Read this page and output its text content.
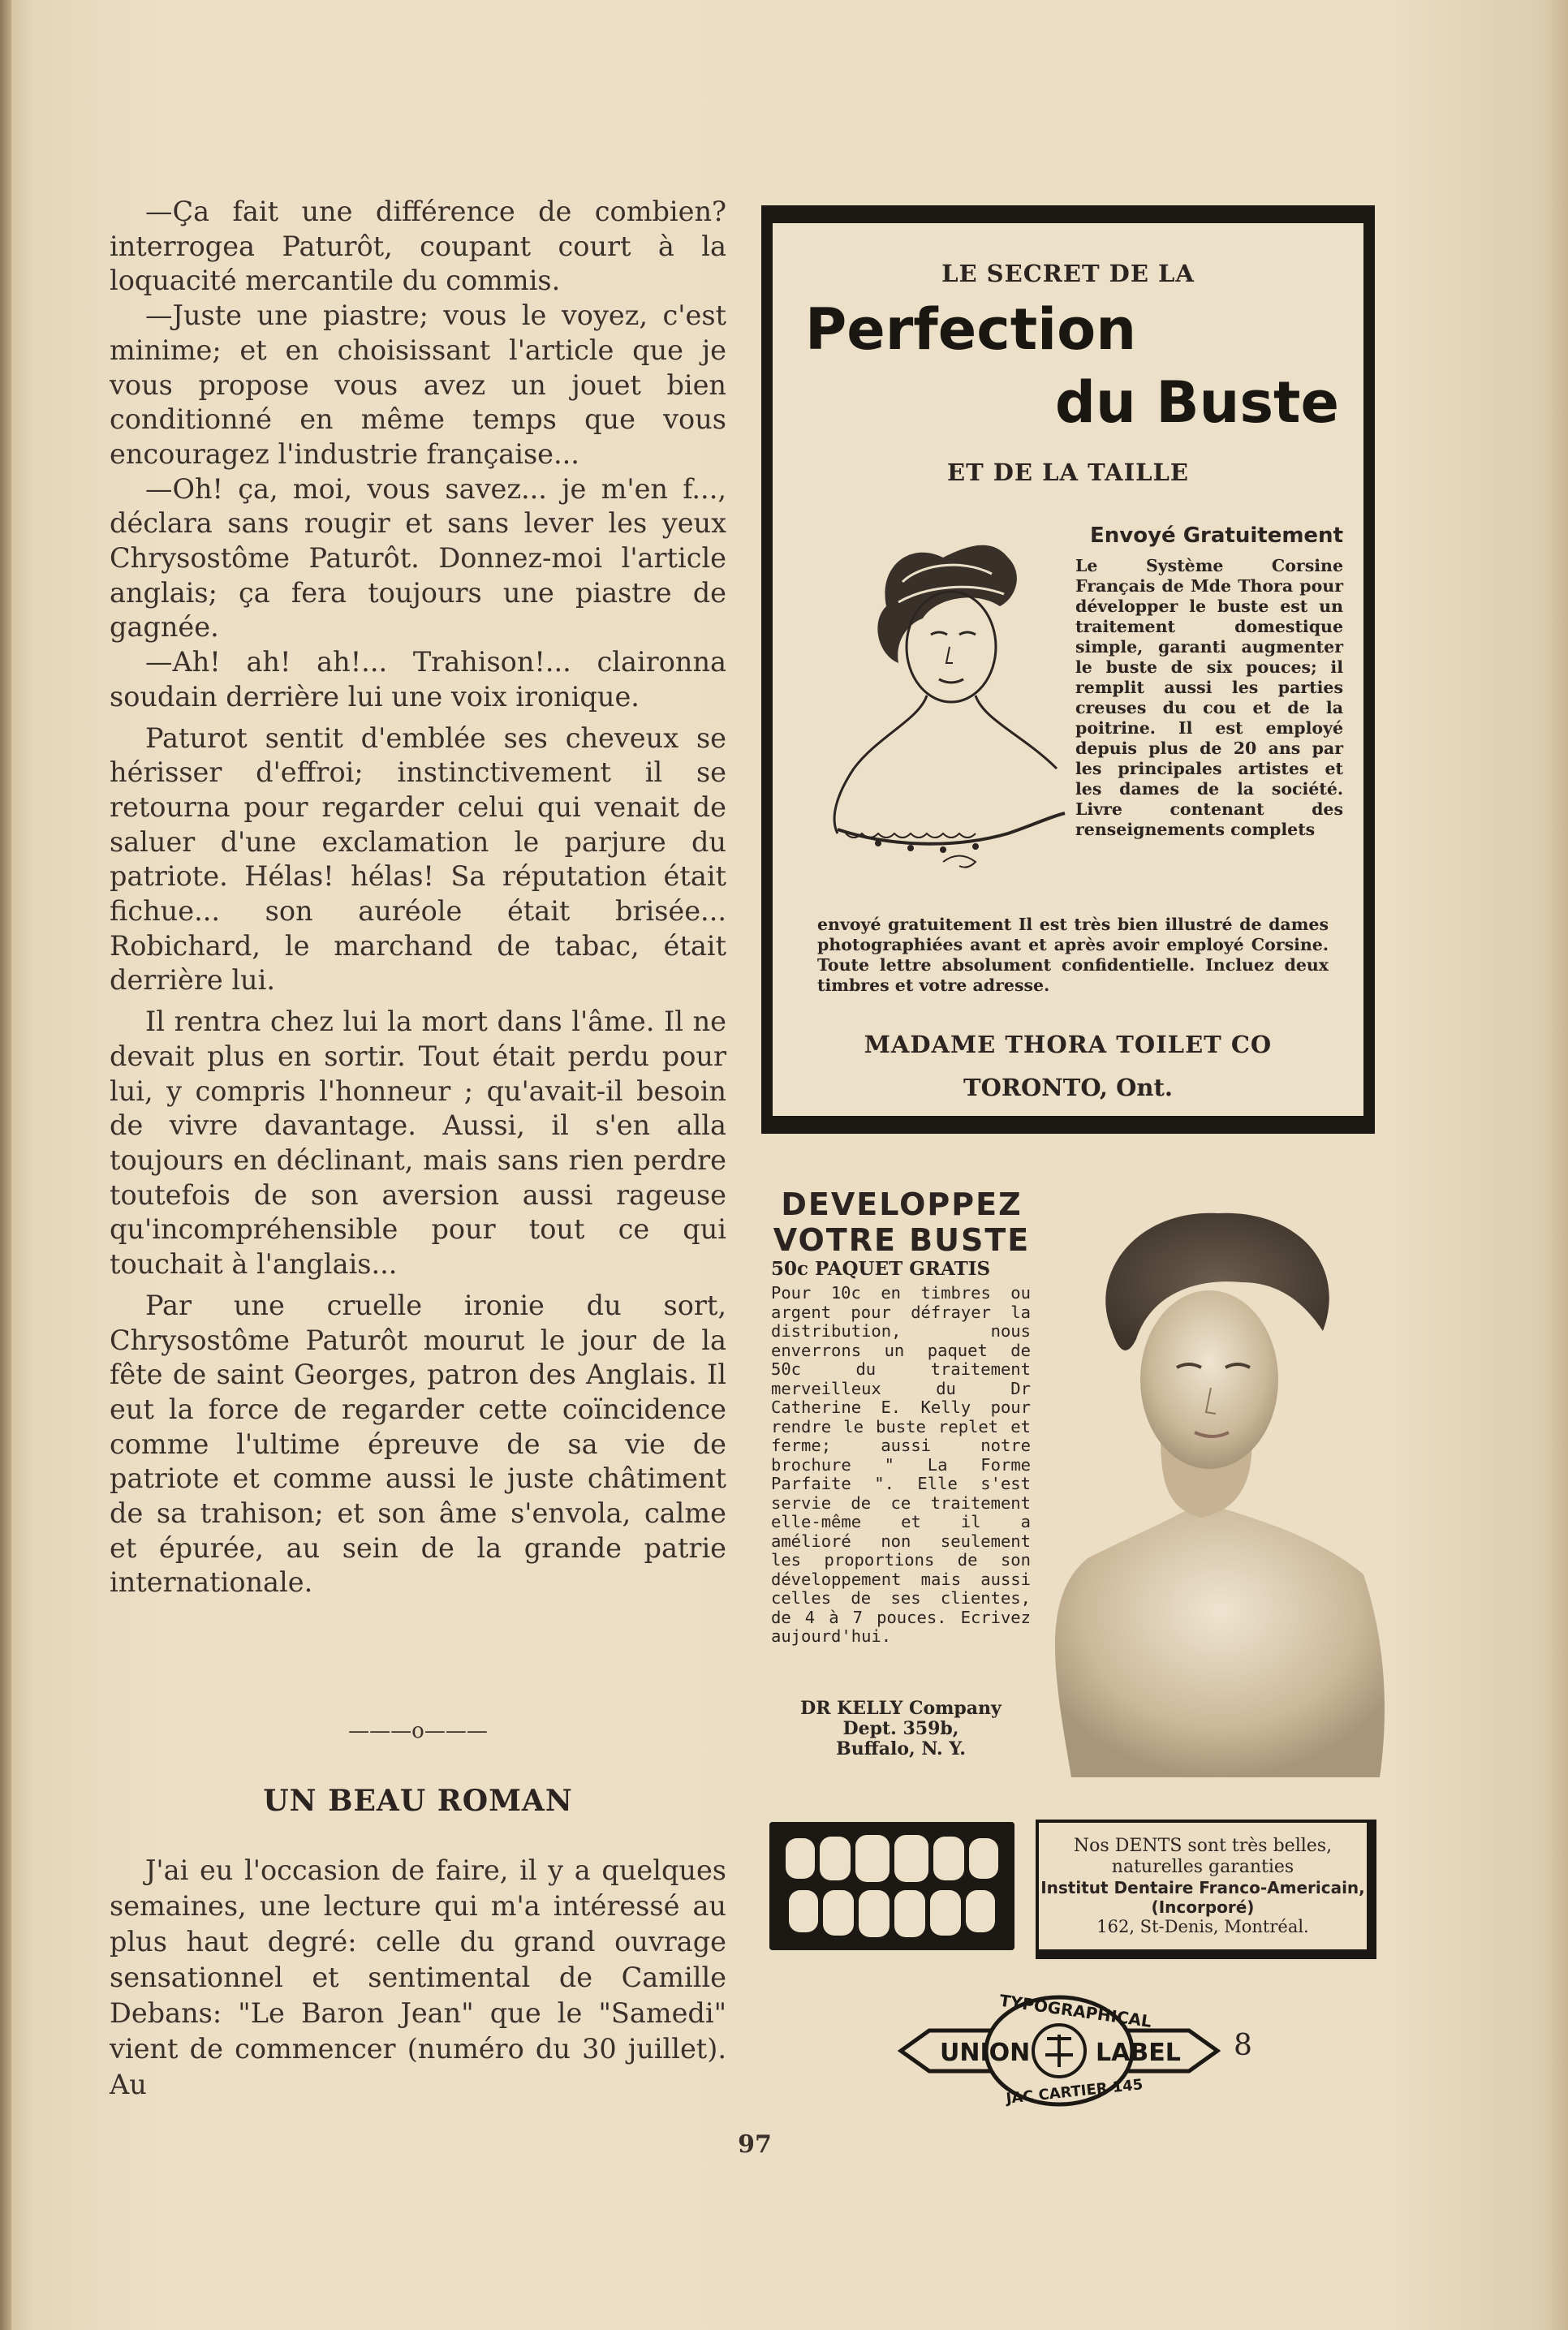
—Ça fait une différence de combien? interrogea Paturôt, coupant court à la loquacité mercantile du commis.

—Juste une piastre; vous le voyez, c'est minime; et en choisissant l'article que je vous propose vous avez un jouet bien conditionné en même temps que vous encouragez l'industrie française...

—Oh! ça, moi, vous savez... je m'en f..., déclara sans rougir et sans lever les yeux Chrysostôme Paturôt. Donnez-moi l'article anglais; ça fera toujours une piastre de gagnée.

—Ah! ah! ah!... Trahison!... claironna soudain derrière lui une voix ironique.

Paturot sentit d'emblée ses cheveux se hérisser d'effroi; instinctivement il se retourna pour regarder celui qui venait de saluer d'une exclamation le parjure du patriote. Hélas! hélas! Sa réputation était fichue... son auréole était brisée... Robichard, le marchand de tabac, était derrière lui.

Il rentra chez lui la mort dans l'âme. Il ne devait plus en sortir. Tout était perdu pour lui, y compris l'honneur ; qu'avait-il besoin de vivre davantage. Aussi, il s'en alla toujours en déclinant, mais sans rien perdre toutefois de son aversion aussi rageuse qu'incompréhensible pour tout ce qui touchait à l'anglais...

Par une cruelle ironie du sort, Chrysostôme Paturôt mourut le jour de la fête de saint Georges, patron des Anglais. Il eut la force de regarder cette coïncidence comme l'ultime épreuve de sa vie de patriote et comme aussi le juste châtiment de sa trahison; et son âme s'envola, calme et épurée, au sein de la grande patrie internationale.

———o———
UN BEAU ROMAN

J'ai eu l'occasion de faire, il y a quelques semaines, une lecture qui m'a intéressé au plus haut degré: celle du grand ouvrage sensationnel et sentimental de Camille Debans: "Le Baron Jean" que le "Samedi" vient de commencer (numéro du 30 juillet). Au

LE SECRET DE LA
Perfection
du Buste
ET DE LA TAILLE
Envoyé Gratuitement
Le Système Corsine Français de Mde Thora pour développer le buste est un traitement domestique simple, garanti augmenter le buste de six pouces; il remplit aussi les parties creuses du cou et de la poitrine. Il est employé depuis plus de 20 ans par les principales artistes et les dames de la société. Livre contenant des renseignements complets
envoyé gratuitement Il est très bien illustré de dames photographiées avant et après avoir employé Corsine. Toute lettre absolument confidentielle. Incluez deux timbres et votre adresse.
MADAME THORA TOILET CO
TORONTO, Ont.
DEVELOPPEZ
VOTRE BUSTE
50c PAQUET GRATIS
Pour 10c en timbres ou argent pour défrayer la distribution, nous enverrons un paquet de 50c du traitement merveilleux du Dr Catherine E. Kelly pour rendre le buste replet et ferme; aussi notre brochure " La Forme Parfaite ". Elle s'est servie de ce traitement elle-même et il a amélioré non seulement les proportions de son développement mais aussi celles de ses clientes, de 4 à 7 pouces. Ecrivez aujourd'hui.
DR KELLY Company
Dept. 359b,
Buffalo, N. Y.
Nos DENTS sont très belles, naturelles garanties
Institut Dentaire Franco-Americain, (Incorporé)
162, St-Denis, Montréal.
UNION	LABEL
TYPOGRAPHICAL
JAC CARTIER 145
8
97
